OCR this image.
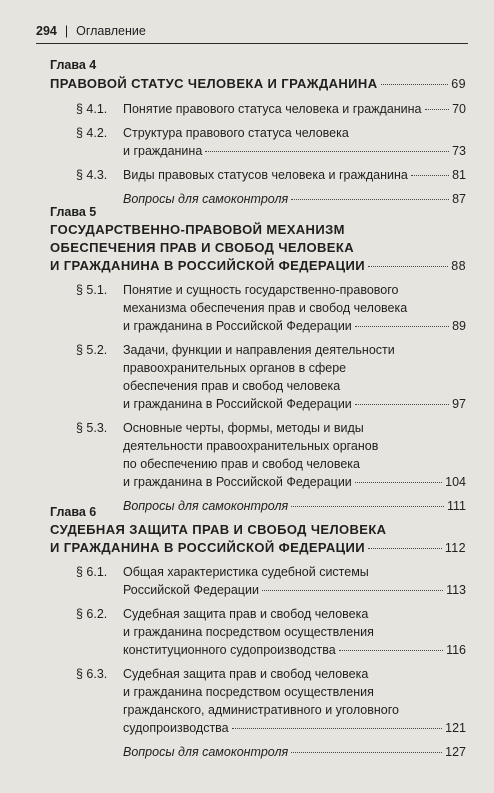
294 | Оглавление
Глава 4
ПРАВОВОЙ СТАТУС ЧЕЛОВЕКА И ГРАЖДАНИНА	69
§ 4.1.	Понятие правового статуса человека и гражданина 70
§ 4.2.	Структура правового статуса человека
и гражданина	73
§ 4.3.	Виды правовых статусов человека и гражданина	81
Вопросы для самоконтроля	87
Глава 5
ГОСУДАРСТВЕННО-ПРАВОВОЙ МЕХАНИЗМ
ОБЕСПЕЧЕНИЯ ПРАВ И СВОБОД ЧЕЛОВЕКА
И ГРАЖДАНИНА В РОССИЙСКОЙ ФЕДЕРАЦИИ	88
§ 5.1.	Понятие и сущность государственно-правового
механизма обеспечения прав и свобод человека
и гражданина в Российской Федерации	89
§ 5.2.	Задачи, функции и направления деятельности
правоохранительных органов в сфере
обеспечения прав и свобод человека
и гражданина в Российской Федерации	97
§ 5.3.	Основные черты, формы, методы и виды
деятельности правоохранительных органов
по обеспечению прав и свобод человека
и гражданина в Российской Федерации	104
Вопросы для самоконтроля	111
Глава 6
СУДЕБНАЯ ЗАЩИТА ПРАВ И СВОБОД ЧЕЛОВЕКА
И ГРАЖДАНИНА В РОССИЙСКОЙ ФЕДЕРАЦИИ	112
§ 6.1.	Общая характеристика судебной системы
Российской Федерации	113
§ 6.2.	Судебная защита прав и свобод человека
и гражданина посредством осуществления
конституционного судопроизводства	116
§ 6.3.	Судебная защита прав и свобод человека
и гражданина посредством осуществления
гражданского, административного и уголовного
судопроизводства	121
Вопросы для самоконтроля	127
